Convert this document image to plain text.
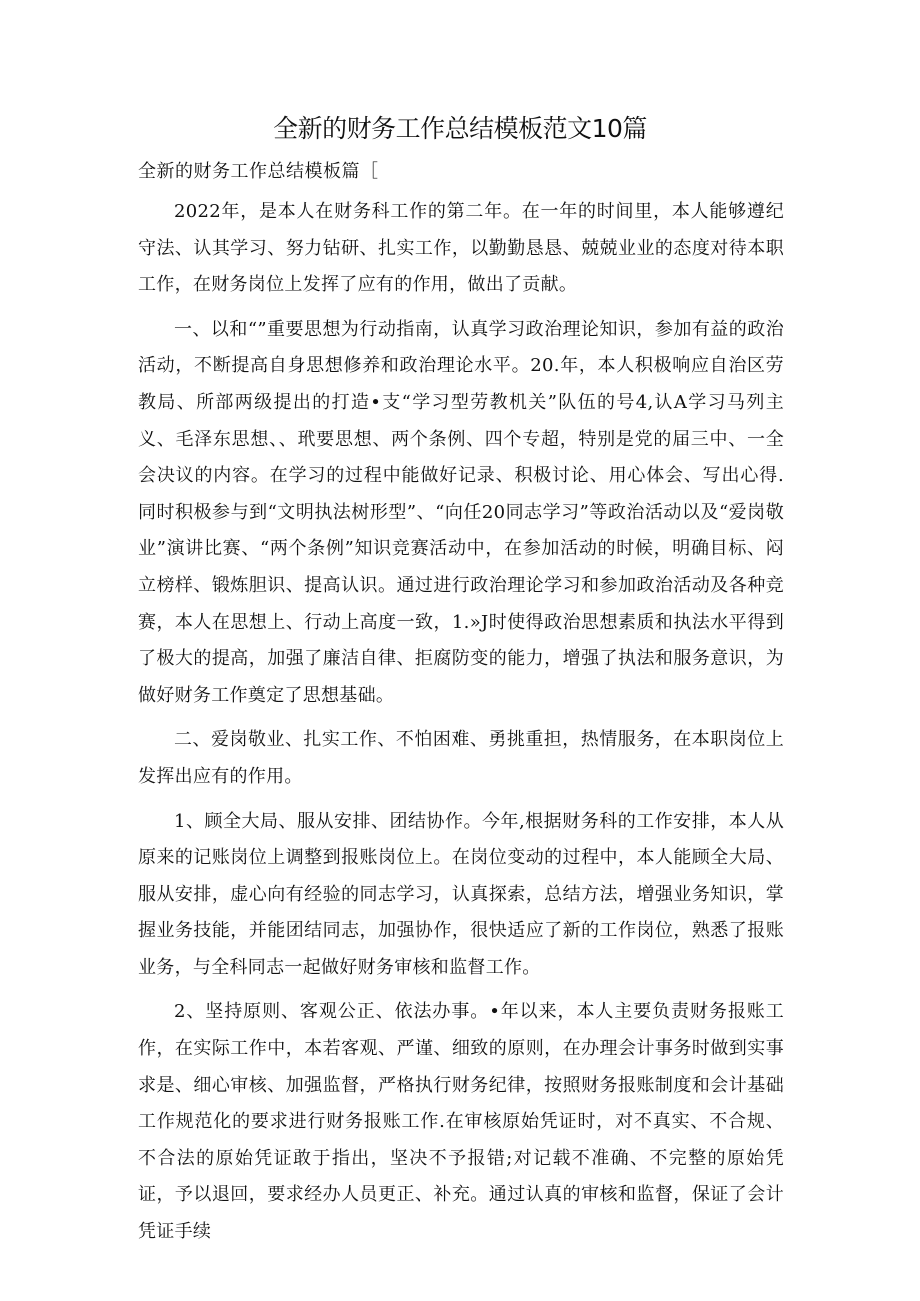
全新的财务工作总结模板范文10篇

全新的财务工作总结模板篇［

2022年，是本人在财务科工作的第二年。在一年的时间里，本人能够遵纪守法、认其学习、努力钻研、扎实工作，以勤勤恳恳、兢兢业业的态度对待本职工作，在财务岗位上发挥了应有的作用，做出了贡献。

一、以和“”重要思想为行动指南，认真学习政治理论知识，参加有益的政治活动，不断提高自身思想修养和政治理论水平。20.年，本人积极响应自治区劳教局、所部两级提出的打造•支“学习型劳教机关”队伍的号4,认A学习马列主义、毛泽东思想、、玳要思想、两个条例、四个专超，特别是党的届三中、一全会决议的内容。在学习的过程中能做好记录、积极讨论、用心体会、写出心得.同时积极参与到“文明执法树形型”、“向任20同志学习”等政治活动以及“爱岗敬业”演讲比赛、“两个条例”知识竞赛活动中，在参加活动的时候，明确目标、闷立榜样、锻炼胆识、提高认识。通过进行政治理论学习和参加政治活动及各种竞赛，本人在思想上、行动上高度一致，1.»J时使得政治思想素质和执法水平得到了极大的提高，加强了廉洁自律、拒腐防变的能力，增强了执法和服务意识，为做好财务工作奠定了思想基础。

二、爱岗敬业、扎实工作、不怕困难、勇挑重担，热情服务，在本职岗位上发挥出应有的作用。

1、顾全大局、服从安排、团结协作。今年,根据财务科的工作安排，本人从原来的记账岗位上调整到报账岗位上。在岗位变动的过程中，本人能顾全大局、服从安排，虚心向有经验的同志学习，认真探索，总结方法，增强业务知识，掌握业务技能，并能团结同志，加强协作，很快适应了新的工作岗位，熟悉了报账业务，与全科同志一起做好财务审核和监督工作。

2、坚持原则、客观公正、依法办事。•年以来，本人主要负责财务报账工作，在实际工作中，本若客观、严谨、细致的原则，在办理会计事务时做到实事求是、细心审核、加强监督，严格执行财务纪律，按照财务报账制度和会计基础工作规范化的要求进行财务报账工作.在审核原始凭证时，对不真实、不合规、不合法的原始凭证敢于指出，坚决不予报错;对记载不准确、不完整的原始凭证，予以退回，要求经办人员更正、补充。通过认真的审核和监督，保证了会计凭证手续
